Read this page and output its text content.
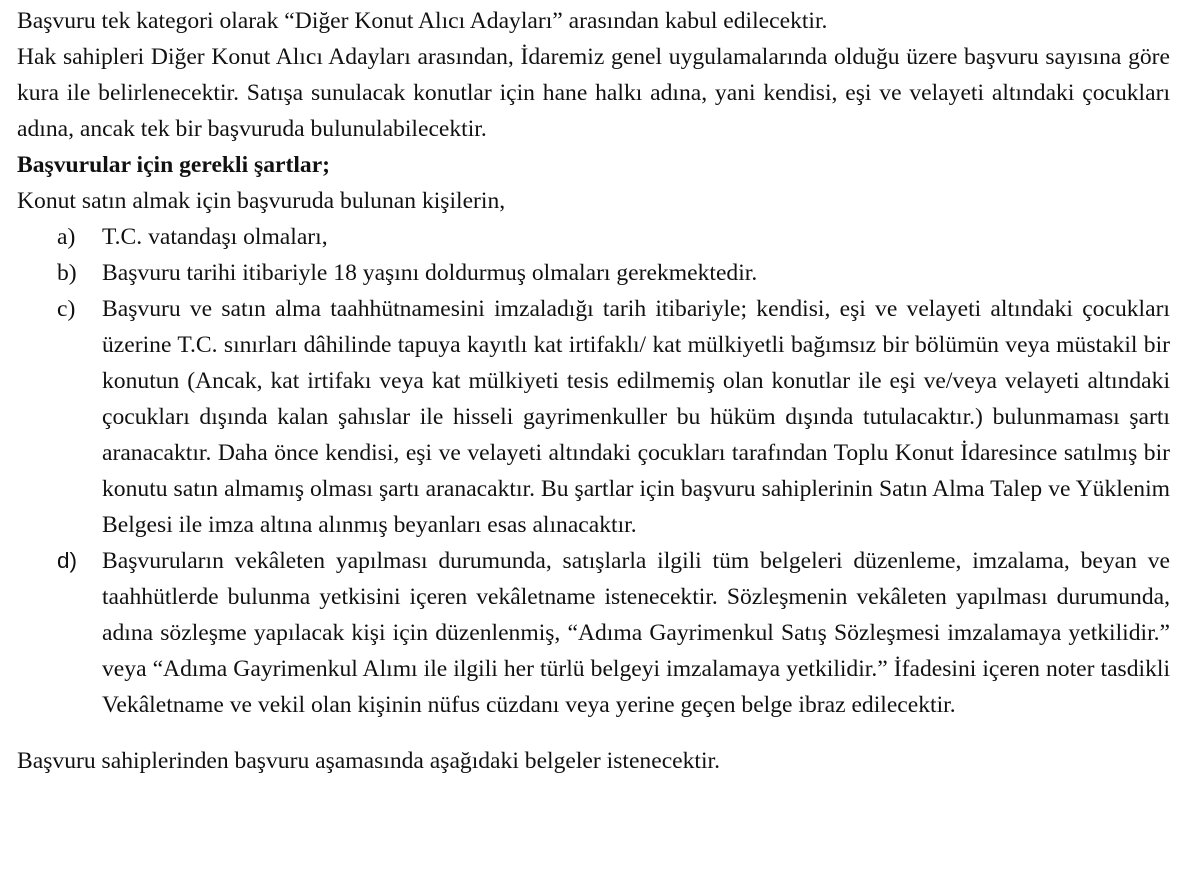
Başvuru tek kategori olarak “Diğer Konut Alıcı Adayları” arasından kabul edilecektir.

Hak sahipleri Diğer Konut Alıcı Adayları arasından, İdaremiz genel uygulamalarında olduğu üzere başvuru sayısına göre kura ile belirlenecektir. Satışa sunulacak konutlar için hane halkı adına, yani kendisi, eşi ve velayeti altındaki çocukları adına, ancak tek bir başvuruda bulunulabilecektir.

Başvurular için gerekli şartlar;

Konut satın almak için başvuruda bulunan kişilerin,

a)	T.C. vatandaşı olmaları,

b)	Başvuru tarihi itibariyle 18 yaşını doldurmuş olmaları gerekmektedir.

c)	Başvuru ve satın alma taahhütnamesini imzaladığı tarih itibariyle; kendisi, eşi ve velayeti altındaki çocukları üzerine T.C. sınırları dâhilinde tapuya kayıtlı kat irtifaklı/ kat mülkiyetli bağımsız bir bölümün veya müstakil bir konutun (Ancak, kat irtifakı veya kat mülkiyeti tesis edilmemiş olan konutlar ile eşi ve/veya velayeti altındaki çocukları dışında kalan şahıslar ile hisseli gayrimenkuller bu hüküm dışında tutulacaktır.) bulunmaması şartı aranacaktır. Daha önce kendisi, eşi ve velayeti altındaki çocukları tarafından Toplu Konut İdaresince satılmış bir konutu satın almamış olması şartı aranacaktır. Bu şartlar için başvuru sahiplerinin Satın Alma Talep ve Yüklenim Belgesi ile imza altına alınmış beyanları esas alınacaktır.

d)	Başvuruların vekâleten yapılması durumunda, satışlarla ilgili tüm belgeleri düzenleme, imzalama, beyan ve taahhütlerde bulunma yetkisini içeren vekâletname istenecektir. Sözleşmenin vekâleten yapılması durumunda, adına sözleşme yapılacak kişi için düzenlenmiş, “Adıma Gayrimenkul Satış Sözleşmesi imzalamaya yetkilidir.” veya “Adıma Gayrimenkul Alımı ile ilgili her türlü belgeyi imzalamaya yetkilidir.” İfadesini içeren noter tasdikli Vekâletname ve vekil olan kişinin nüfus cüzdanı veya yerine geçen belge ibraz edilecektir.

Başvuru sahiplerinden başvuru aşamasında aşağıdaki belgeler istenecektir.
